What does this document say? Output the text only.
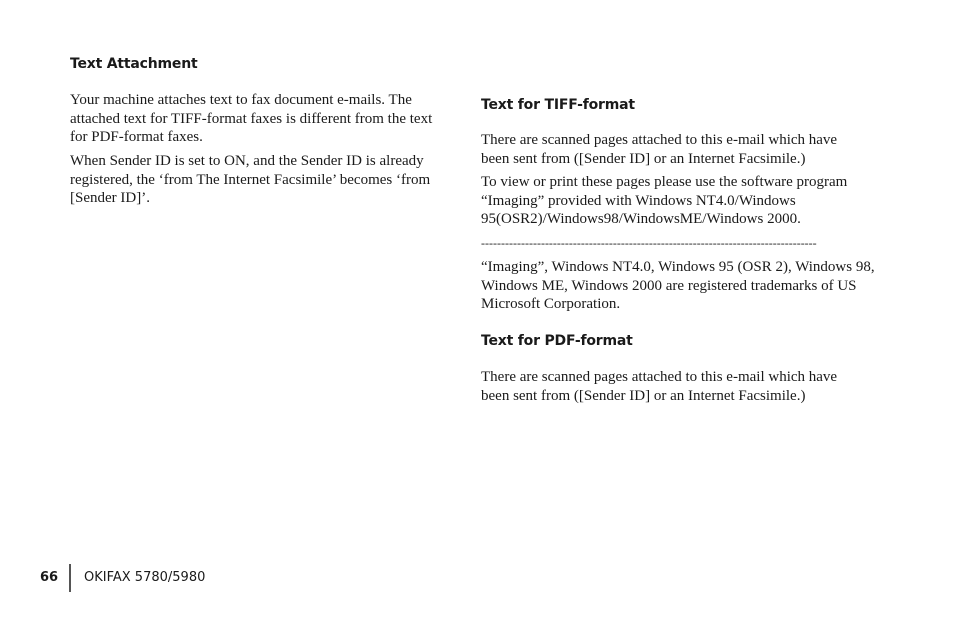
Text Attachment
Your machine attaches text to fax document e-mails. The attached text for TIFF-format faxes is different from the text for PDF-format faxes.
When Sender ID is set to ON, and the Sender ID is already registered, the ‘from The Internet Facsimile’ becomes ‘from [Sender ID]’.
Text for TIFF-format
There are scanned pages attached to this e-mail which have been sent from ([Sender ID] or an Internet Facsimile.)
To view or print these pages please use the software program “Imaging” provided with Windows NT4.0/Windows 95(OSR2)/Windows98/WindowsME/Windows 2000.
------------------------------------------------------------------------------------
“Imaging”, Windows NT4.0, Windows 95 (OSR 2), Windows 98, Windows ME, Windows 2000 are registered trademarks of US Microsoft Corporation.
Text for PDF-format
There are scanned pages attached to this e-mail which have been sent from ([Sender ID] or an Internet Facsimile.)
66 OKIFAX 5780/5980
